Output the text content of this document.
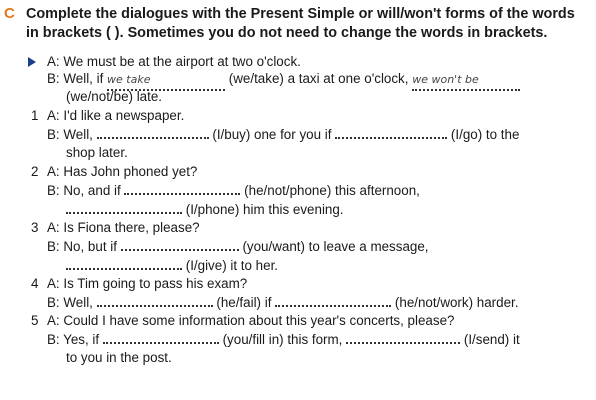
C Complete the dialogues with the Present Simple or will/won't forms of the words
in brackets ( ). Sometimes you do not need to change the words in brackets.
A: We must be at the airport at two o'clock.
B: Well, if we take	(we/take) a taxi at one o'clock, we won't be
(we/not/be) late.
1 A: I'd like a newspaper.
B: Well,	(I/buy) one for you if	(I/go) to the
shop later.
2 A: Has John phoned yet?
B: No, and if	(he/not/phone) this afternoon,
(I/phone) him this evening.
3 A: Is Fiona there, please?
B: No, but if	(you/want) to leave a message,
(I/give) it to her.
4 A: Is Tim going to pass his exam?
B: Well,	(he/fail) if	(he/not/work) harder.
5 A: Could I have some information about this year's concerts, please?
B: Yes, if	(you/fill in) this form,	(I/send) it
to you in the post.
